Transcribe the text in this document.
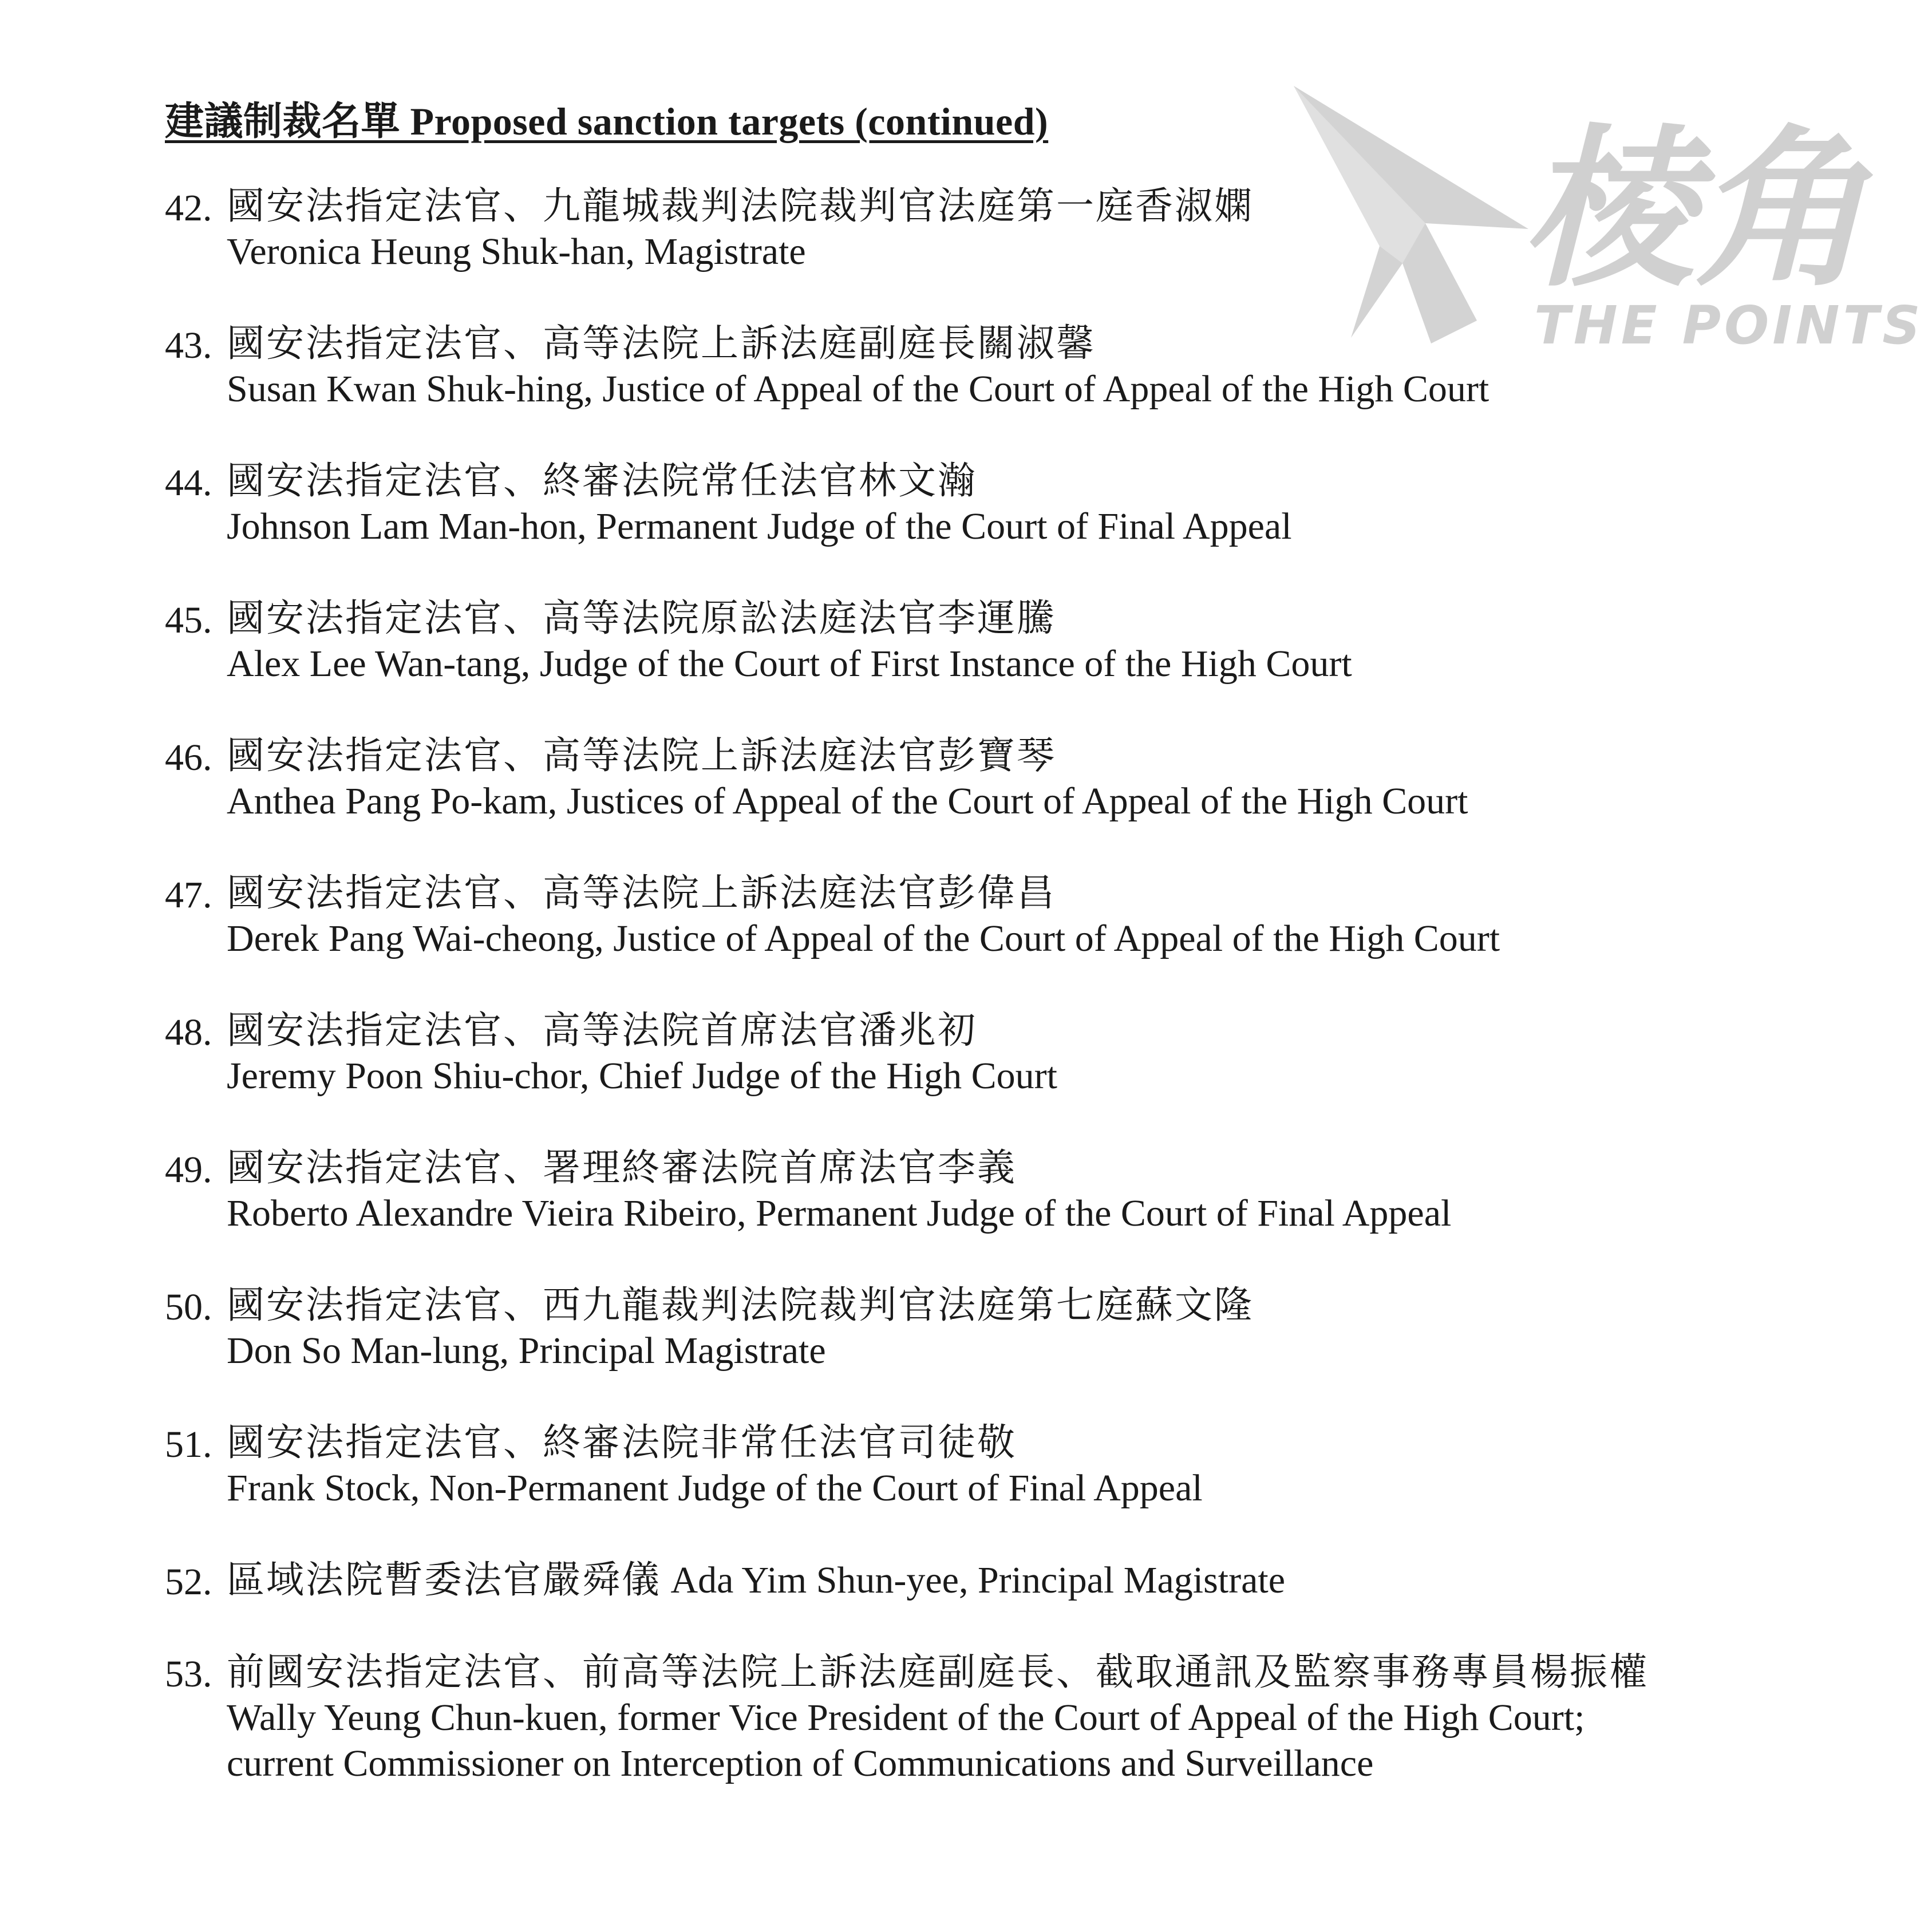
棱角
THE POINTS
建議制裁名單 Proposed sanction targets (continued)
42. 國安法指定法官、九龍城裁判法院裁判官法庭第一庭香淑嫻
Veronica Heung Shuk-han, Magistrate
43. 國安法指定法官、高等法院上訴法庭副庭長關淑馨
Susan Kwan Shuk-hing, Justice of Appeal of the Court of Appeal of the High Court
44. 國安法指定法官、終審法院常任法官林文瀚
Johnson Lam Man-hon, Permanent Judge of the Court of Final Appeal
45. 國安法指定法官、高等法院原訟法庭法官李運騰
Alex Lee Wan-tang, Judge of the Court of First Instance of the High Court
46. 國安法指定法官、高等法院上訴法庭法官彭寶琴
Anthea Pang Po-kam, Justices of Appeal of the Court of Appeal of the High Court
47. 國安法指定法官、高等法院上訴法庭法官彭偉昌
Derek Pang Wai-cheong, Justice of Appeal of the Court of Appeal of the High Court
48. 國安法指定法官、高等法院首席法官潘兆初
Jeremy Poon Shiu-chor, Chief Judge of the High Court
49. 國安法指定法官、署理終審法院首席法官李義
Roberto Alexandre Vieira Ribeiro, Permanent Judge of the Court of Final Appeal
50. 國安法指定法官、西九龍裁判法院裁判官法庭第七庭蘇文隆
Don So Man-lung, Principal Magistrate
51. 國安法指定法官、終審法院非常任法官司徒敬
Frank Stock, Non-Permanent Judge of the Court of Final Appeal
52. 區域法院暫委法官嚴舜儀 Ada Yim Shun-yee, Principal Magistrate
53. 前國安法指定法官、前高等法院上訴法庭副庭長、截取通訊及監察事務專員楊振權
Wally Yeung Chun-kuen, former Vice President of the Court of Appeal of the High Court;
current Commissioner on Interception of Communications and Surveillance
